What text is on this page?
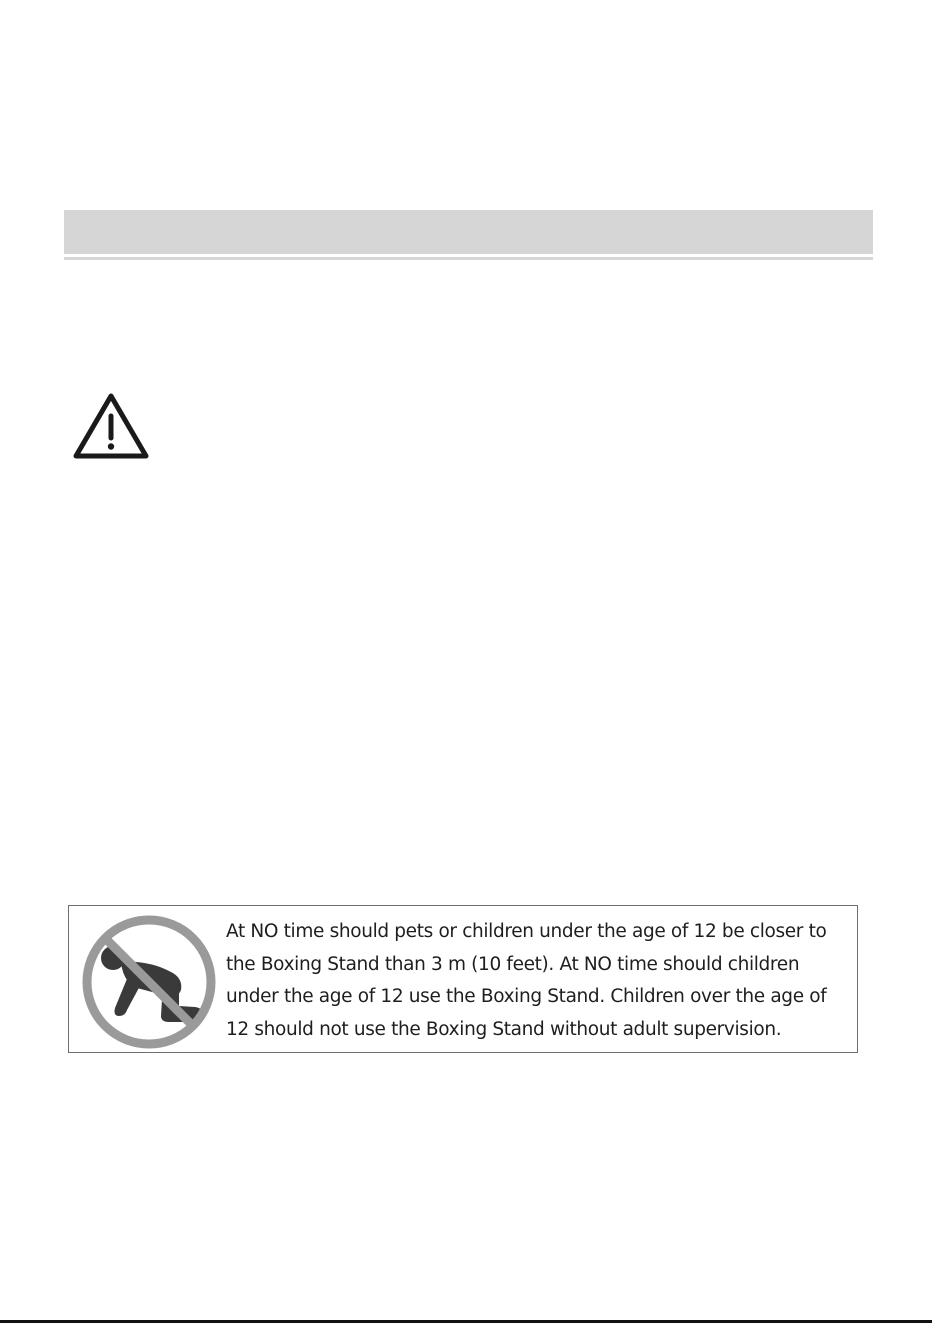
At NO time should pets or children under the age of 12 be closer to the Boxing Stand than 3 m (10 feet). At NO time should children under the age of 12 use the Boxing Stand. Children over the age of 12 should not use the Boxing Stand without adult supervision.
